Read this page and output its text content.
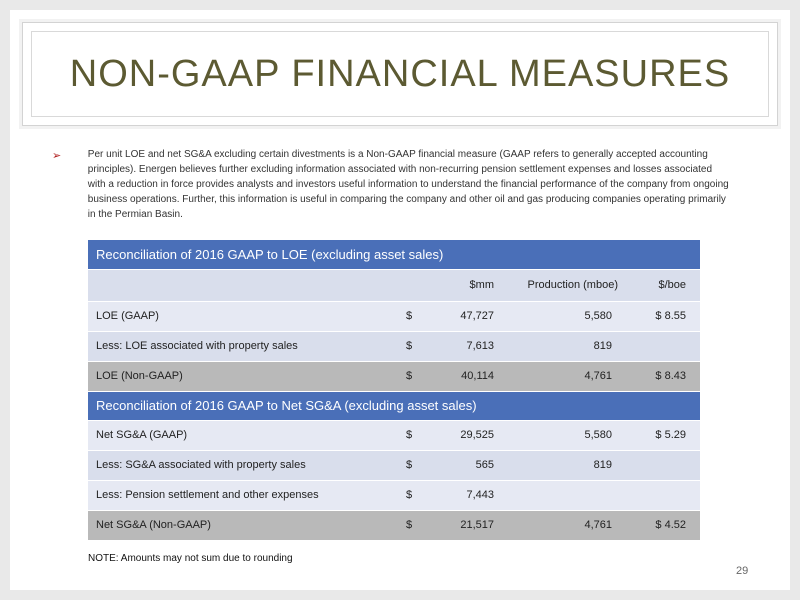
NON-GAAP FINANCIAL MEASURES
➢	Per unit LOE and net SG&A excluding certain divestments is a Non-GAAP financial measure (GAAP refers to generally accepted accounting principles). Energen believes further excluding information associated with non-recurring pension settlement expenses and losses associated with a reduction in force provides analysts and investors useful information to understand the financial performance of the company from ongoing business operations. Further, this information is useful in comparing the company and other oil and gas producing companies operating primarily in the Permian Basin.
Reconciliation of 2016 GAAP to LOE (excluding asset sales)			
	$mm	Production (mboe)	$/boe
LOE (GAAP)	$ 47,727	5,580	$ 8.55
Less: LOE associated with property sales	$ 7,613	819	
LOE (Non-GAAP)	$ 40,114	4,761	$ 8.43
Reconciliation of 2016 GAAP to Net SG&A (excluding asset sales)			
Net SG&A (GAAP)	$ 29,525	5,580	$ 5.29
Less: SG&A associated with property sales	$ 565	819	
Less: Pension settlement and other expenses	$ 7,443		

Net SG&A (Non-GAAP)	$ 21,517	4,761	$ 4.52
NOTE: Amounts may not sum due to rounding
29
